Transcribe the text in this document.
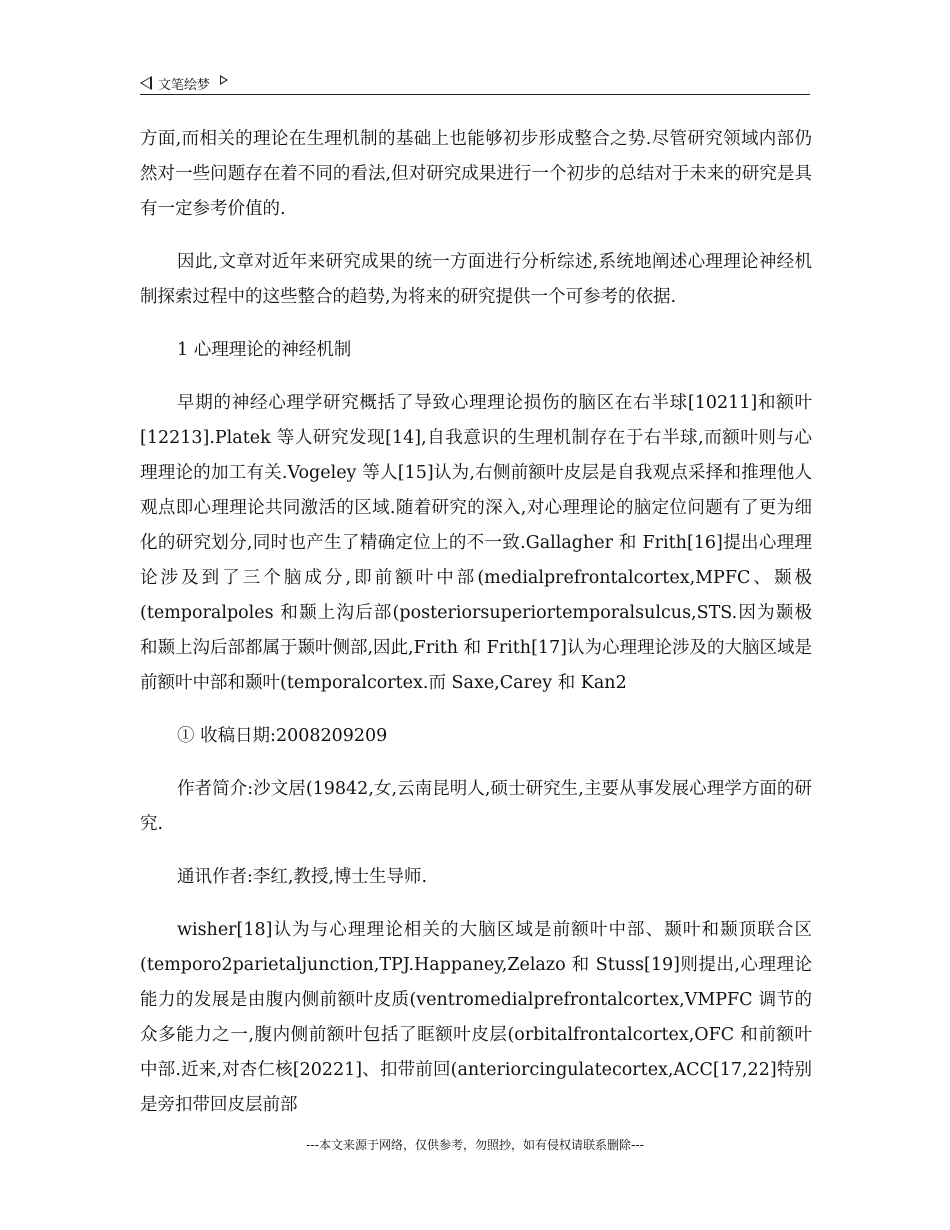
文笔绘梦

方面,而相关的理论在生理机制的基础上也能够初步形成整合之势.尽管研究领域内部仍然对一些问题存在着不同的看法,但对研究成果进行一个初步的总结对于未来的研究是具有一定参考价值的.

因此,文章对近年来研究成果的统一方面进行分析综述,系统地阐述心理理论神经机制探索过程中的这些整合的趋势,为将来的研究提供一个可参考的依据.

1 心理理论的神经机制

早期的神经心理学研究概括了导致心理理论损伤的脑区在右半球[10211]和额叶[12213].Platek 等人研究发现[14],自我意识的生理机制存在于右半球,而额叶则与心理理论的加工有关.Vogeley 等人[15]认为,右侧前额叶皮层是自我观点采择和推理他人观点即心理理论共同激活的区域.随着研究的深入,对心理理论的脑定位问题有了更为细化的研究划分,同时也产生了精确定位上的不一致.Gallagher 和 Frith[16]提出心理理论涉及到了三个脑成分,即前额叶中部(medialprefrontalcortex,MPFC、颞极(temporalpoles 和颞上沟后部(posteriorsuperiortemporalsulcus,STS.因为颞极和颞上沟后部都属于颞叶侧部,因此,Frith 和 Frith[17]认为心理理论涉及的大脑区域是前额叶中部和颞叶(temporalcortex.而 Saxe,Carey 和 Kan2

① 收稿日期:2008209209

作者简介:沙文居(19842,女,云南昆明人,硕士研究生,主要从事发展心理学方面的研究.

通讯作者:李红,教授,博士生导师.

wisher[18]认为与心理理论相关的大脑区域是前额叶中部、颞叶和颞顶联合区(temporo2parietaljunction,TPJ.Happaney,Zelazo 和 Stuss[19]则提出,心理理论能力的发展是由腹内侧前额叶皮质(ventromedialprefrontalcortex,VMPFC 调节的众多能力之一,腹内侧前额叶包括了眶额叶皮层(orbitalfrontalcortex,OFC 和前额叶中部.近来,对杏仁核[20221]、扣带前回(anteriorcingulatecortex,ACC[17,22]特别是旁扣带回皮层前部

---本文来源于网络，仅供参考，勿照抄，如有侵权请联系删除---
